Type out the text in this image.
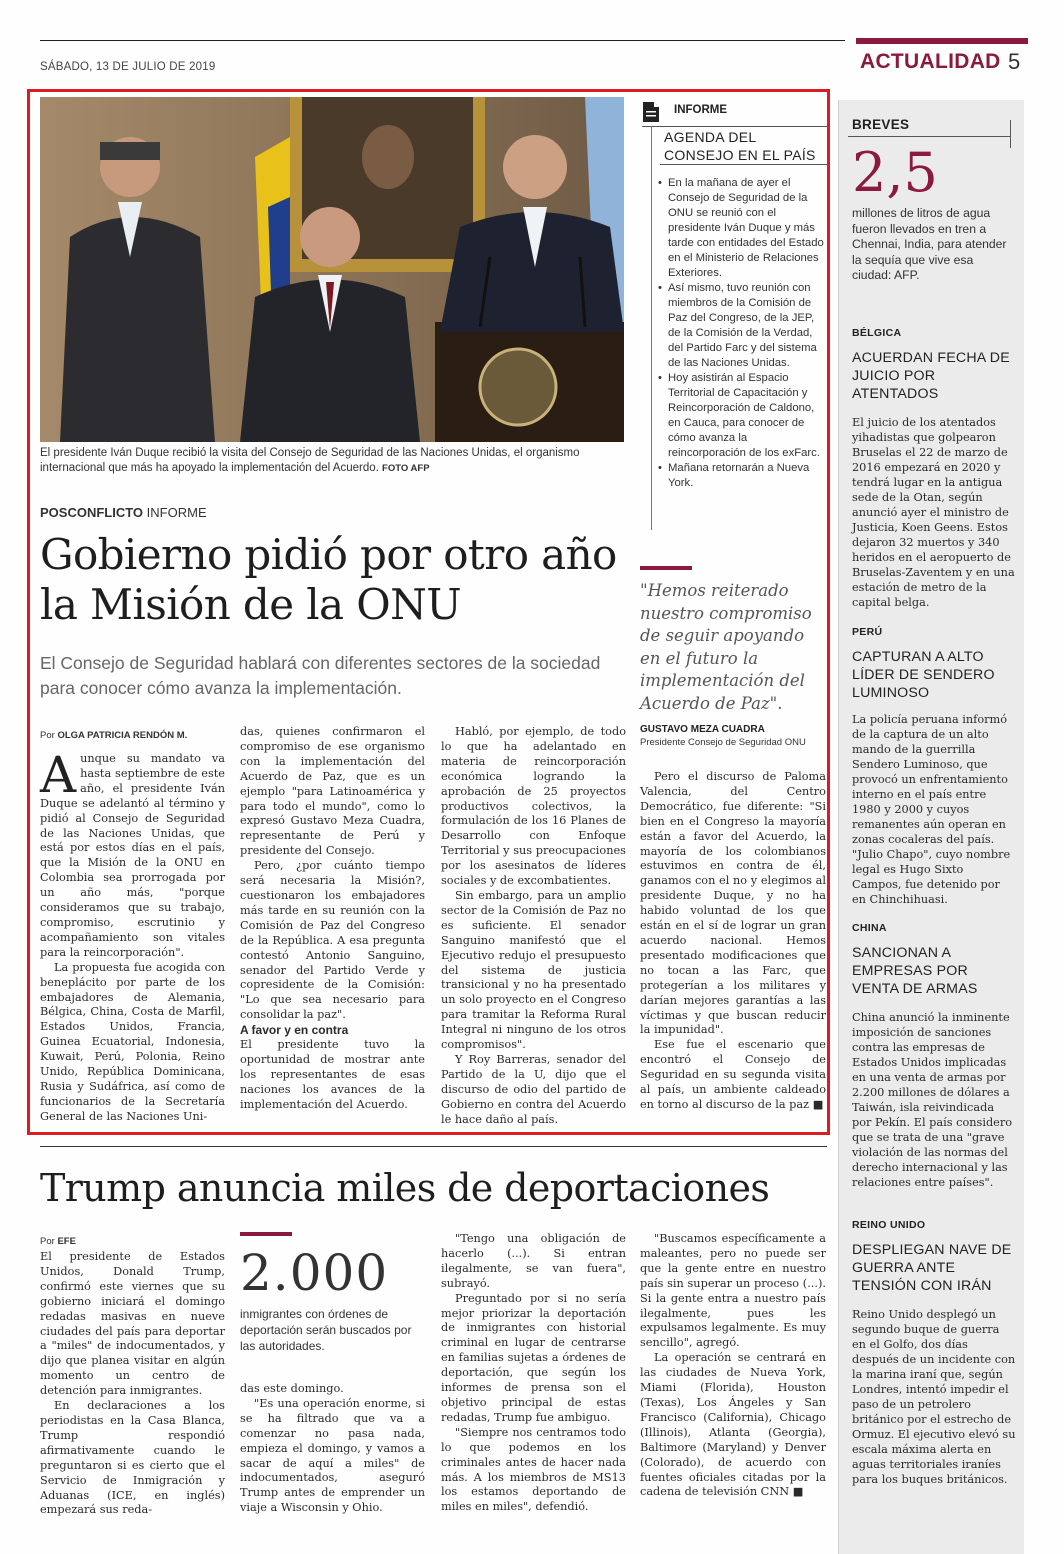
SÁBADO, 13 DE JULIO DE 2019	ACTUALIDAD 5
El presidente Iván Duque recibió la visita del Consejo de Seguridad de las Naciones Unidas, el organismo internacional que más ha apoyado la implementación del Acuerdo. FOTO AFP
POSCONFLICTO INFORME
Gobierno pidió por otro año la Misión de la ONU
El Consejo de Seguridad hablará con diferentes sectores de la sociedad para conocer cómo avanza la implementación.
Por OLGA PATRICIA RENDÓN M.

Aunque su mandato va hasta septiembre de este año, el presidente Iván Duque se adelantó al término y pidió al Consejo de Seguridad de las Naciones Unidas, que está por estos días en el país, que la Misión de la ONU en Colombia sea prorrogada por un año más, "porque consideramos que su trabajo, compromiso, escrutinio y acompañamiento son vitales para la reincorporación".

La propuesta fue acogida con beneplácito por parte de los embajadores de Alemania, Bélgica, China, Costa de Marfil, Estados Unidos, Francia, Guinea Ecuatorial, Indonesia, Kuwait, Perú, Polonia, Reino Unido, República Dominicana, Rusia y Sudáfrica, así como de funcionarios de la Secretaría General de las Naciones Uni-

das, quienes confirmaron el compromiso de ese organismo con la implementación del Acuerdo de Paz, que es un ejemplo "para Latinoamérica y para todo el mundo", como lo expresó Gustavo Meza Cuadra, representante de Perú y presidente del Consejo.

Pero, ¿por cuánto tiempo será necesaria la Misión?, cuestionaron los embajadores más tarde en su reunión con la Comisión de Paz del Congreso de la República. A esa pregunta contestó Antonio Sanguino, senador del Partido Verde y copresidente de la Comisión: "Lo que sea necesario para consolidar la paz".

A favor y en contra

El presidente tuvo la oportunidad de mostrar ante los representantes de esas naciones los avances de la implementación del Acuerdo.

Habló, por ejemplo, de todo lo que ha adelantado en materia de reincorporación económica logrando la aprobación de 25 proyectos productivos colectivos, la formulación de los 16 Planes de Desarrollo con Enfoque Territorial y sus preocupaciones por los asesinatos de líderes sociales y de excombatientes.

Sin embargo, para un amplio sector de la Comisión de Paz no es suficiente. El senador Sanguino manifestó que el Ejecutivo redujo el presupuesto del sistema de justicia transicional y no ha presentado un solo proyecto en el Congreso para tramitar la Reforma Rural Integral ni ninguno de los otros compromisos".

Y Roy Barreras, senador del Partido de la U, dijo que el discurso de odio del partido de Gobierno en contra del Acuerdo le hace daño al país.

Pero el discurso de Paloma Valencia, del Centro Democrático, fue diferente: "Si bien en el Congreso la mayoría están a favor del Acuerdo, la mayoría de los colombianos estuvimos en contra de él, ganamos con el no y elegimos al presidente Duque, y no ha habido voluntad de los que están en el sí de lograr un gran acuerdo nacional. Hemos presentado modificaciones que no tocan a las Farc, que protegerían a los militares y darían mejores garantías a las víctimas y que buscan reducir la impunidad".

Ese fue el escenario que encontró el Consejo de Seguridad en su segunda visita al país, un ambiente caldeado en torno al discurso de la paz ■

INFORME
AGENDA DEL
CONSEJO EN EL PAÍS
• En la mañana de ayer el Consejo de Seguridad de la ONU se reunió con el presidente Iván Duque y más tarde con entidades del Estado en el Ministerio de Relaciones Exteriores.
• Así mismo, tuvo reunión con miembros de la Comisión de Paz del Congreso, de la JEP, de la Comisión de la Verdad, del Partido Farc y del sistema de las Naciones Unidas.
• Hoy asistirán al Espacio Territorial de Capacitación y Reincorporación de Caldono, en Cauca, para conocer de cómo avanza la reincorporación de los exFarc.
• Mañana retornarán a Nueva York.
"Hemos reiterado nuestro compromiso de seguir apoyando en el futuro la implementación del Acuerdo de Paz".
GUSTAVO MEZA CUADRA
Presidente Consejo de Seguridad ONU
Trump anuncia miles de deportaciones
Por EFE

El presidente de Estados Unidos, Donald Trump, confirmó este viernes que su gobierno iniciará el domingo redadas masivas en nueve ciudades del país para deportar a "miles" de indocumentados, y dijo que planea visitar en algún momento un centro de detención para inmigrantes.

En declaraciones a los periodistas en la Casa Blanca, Trump respondió afirmativamente cuando le preguntaron si es cierto que el Servicio de Inmigración y Aduanas (ICE, en inglés) empezará sus reda-

2.000
inmigrantes con órdenes de deportación serán buscados por las autoridades.

das este domingo.

"Es una operación enorme, si se ha filtrado que va a comenzar no pasa nada, empieza el domingo, y vamos a sacar de aquí a miles" de indocumentados, aseguró Trump antes de emprender un viaje a Wisconsin y Ohio.

"Tengo una obligación de hacerlo (...). Si entran ilegalmente, se van fuera", subrayó.

Preguntado por si no sería mejor priorizar la deportación de inmigrantes con historial criminal en lugar de centrarse en familias sujetas a órdenes de deportación, que según los informes de prensa son el objetivo principal de estas redadas, Trump fue ambiguo.

"Siempre nos centramos todo lo que podemos en los criminales antes de hacer nada más. A los miembros de MS13 los estamos deportando de miles en miles", defendió.

"Buscamos específicamente a maleantes, pero no puede ser que la gente entre en nuestro país sin superar un proceso (...). Si la gente entra a nuestro país ilegalmente, pues les expulsamos legalmente. Es muy sencillo", agregó.

La operación se centrará en las ciudades de Nueva York, Miami (Florida), Houston (Texas), Los Ángeles y San Francisco (California), Chicago (Illinois), Atlanta (Georgia), Baltimore (Maryland) y Denver (Colorado), de acuerdo con fuentes oficiales citadas por la cadena de televisión CNN ■

BREVES
2,5
millones de litros de agua fueron llevados en tren a Chennai, India, para atender la sequía que vive esa ciudad: AFP.
BÉLGICA
ACUERDAN FECHA DE JUICIO POR ATENTADOS
El juicio de los atentados yihadistas que golpearon Bruselas el 22 de marzo de 2016 empezará en 2020 y tendrá lugar en la antigua sede de la Otan, según anunció ayer el ministro de Justicia, Koen Geens. Estos dejaron 32 muertos y 340 heridos en el aeropuerto de Bruselas-Zaventem y en una estación de metro de la capital belga.
PERÚ
CAPTURAN A ALTO LÍDER DE SENDERO LUMINOSO
La policía peruana informó de la captura de un alto mando de la guerrilla Sendero Luminoso, que provocó un enfrentamiento interno en el país entre 1980 y 2000 y cuyos remanentes aún operan en zonas cocaleras del país. "Julio Chapo", cuyo nombre legal es Hugo Sixto Campos, fue detenido por en Chinchihuasi.
CHINA
SANCIONAN A EMPRESAS POR VENTA DE ARMAS
China anunció la inminente imposición de sanciones contra las empresas de Estados Unidos implicadas en una venta de armas por 2.200 millones de dólares a Taiwán, isla reivindicada por Pekín. El país considero que se trata de una "grave violación de las normas del derecho internacional y las relaciones entre países".
REINO UNIDO
DESPLIEGAN NAVE DE GUERRA ANTE TENSIÓN CON IRÁN
Reino Unido desplegó un segundo buque de guerra en el Golfo, dos días después de un incidente con la marina iraní que, según Londres, intentó impedir el paso de un petrolero británico por el estrecho de Ormuz. El ejecutivo elevó su escala máxima alerta en aguas territoriales iraníes para los buques británicos.
